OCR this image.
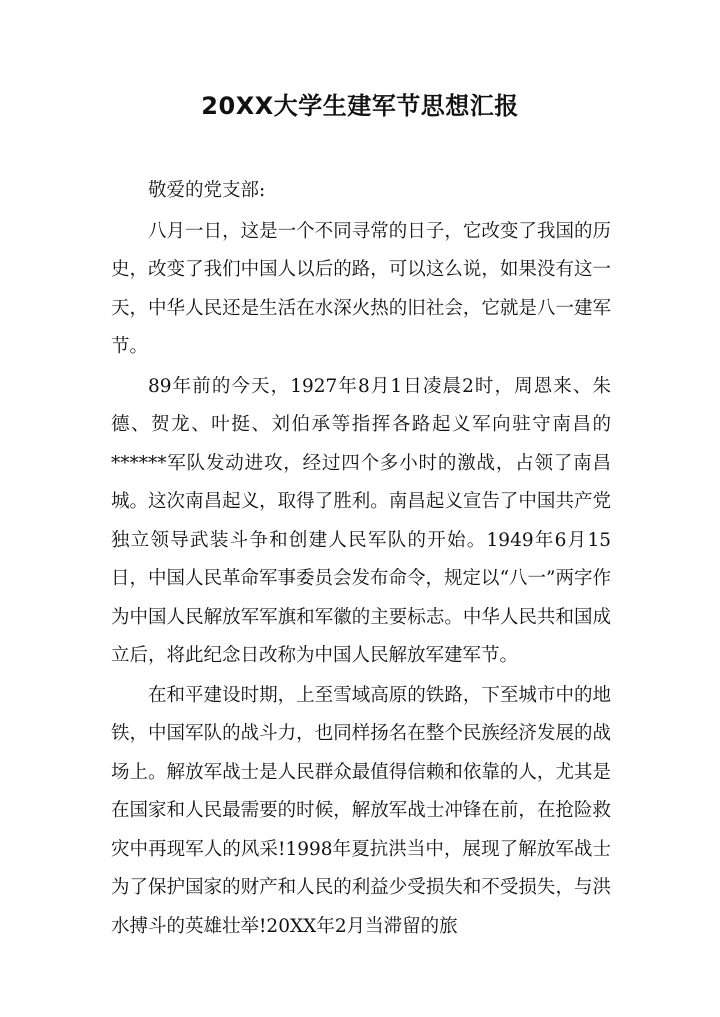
20XX大学生建军节思想汇报

敬爱的党支部:

八月一日，这是一个不同寻常的日子，它改变了我国的历史，改变了我们中国人以后的路，可以这么说，如果没有这一天，中华人民还是生活在水深火热的旧社会，它就是八一建军节。

89年前的今天，1927年8月1日凌晨2时，周恩来、朱德、贺龙、叶挺、刘伯承等指挥各路起义军向驻守南昌的******军队发动进攻，经过四个多小时的激战，占领了南昌城。这次南昌起义，取得了胜利。南昌起义宣告了中国共产党独立领导武装斗争和创建人民军队的开始。1949年6月15日，中国人民革命军事委员会发布命令，规定以“八一”两字作为中国人民解放军军旗和军徽的主要标志。中华人民共和国成立后，将此纪念日改称为中国人民解放军建军节。

在和平建设时期，上至雪域高原的铁路，下至城市中的地铁，中国军队的战斗力，也同样扬名在整个民族经济发展的战场上。解放军战士是人民群众最值得信赖和依靠的人，尤其是在国家和人民最需要的时候，解放军战士冲锋在前，在抢险救灾中再现军人的风采!1998年夏抗洪当中，展现了解放军战士为了保护国家的财产和人民的利益少受损失和不受损失，与洪水搏斗的英雄壮举!20XX年2月当滞留的旅
